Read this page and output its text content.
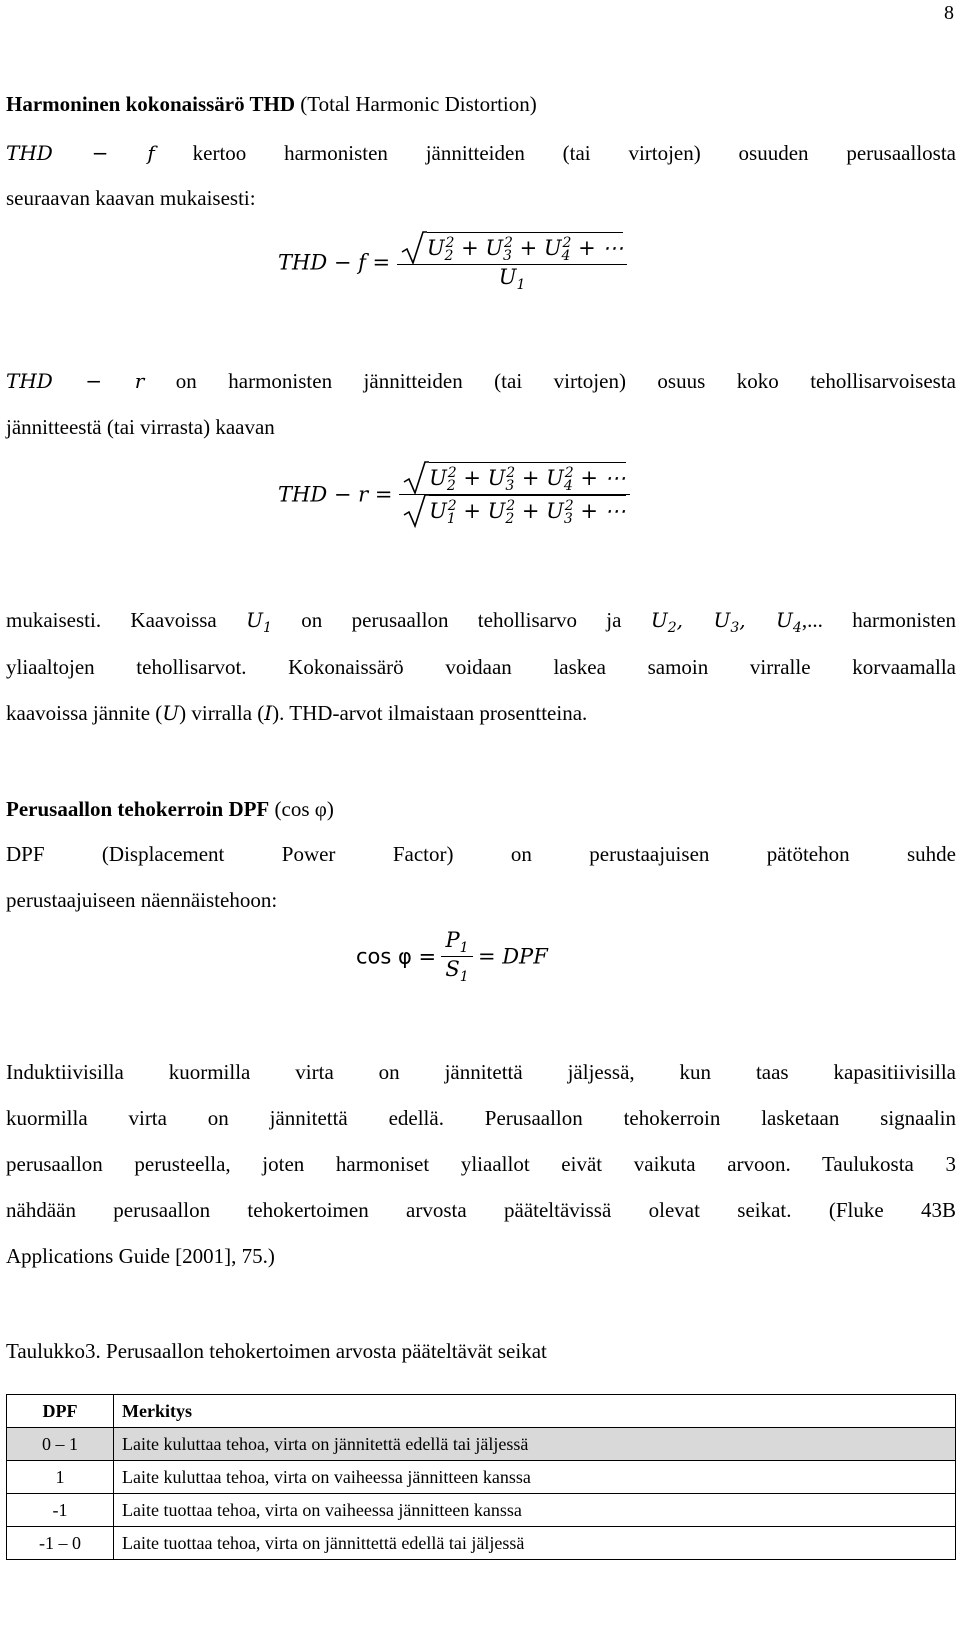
8
Harmoninen kokonaissärö THD (Total Harmonic Distortion)
THD − f kertoo harmonisten jännitteiden (tai virtojen) osuuden perusaallosta
seuraavan kaavan mukaisesti:
THD − $f = \frac{U_2^2 + U_3^2 + U_4^2 + \cdots}{U_1}$
THD − r on harmonisten jännitteiden (tai virtojen) osuus koko tehollisarvoisesta
jännitteestä (tai virrasta) kaavan
THD − $r = \frac{U_2^2 + U_3^2 + U_4^2 + \cdots}{U_1^2 + U_2^2 + U_3^2 + \cdots}$
mukaisesti. Kaavoissa $U_1$ on perusaallon tehollisarvo ja $U_2$, $U_3$, $U_4$,... harmonisten
yliaaltojen tehollisarvot. Kokonaissärö voidaan laskea samoin virralle korvaamalla
kaavoissa jännite (U) virralla (I). THD-arvot ilmaistaan prosentteina.
Perusaallon tehokerroin DPF (cos φ)
DPF (Displacement Power Factor) on perustaajuisen pätötehon suhde
perustaajuiseen näennäistehoon:
$\cos \varphi = \frac{P_1}{S_1}$ = DPF
Induktiivisilla kuormilla virta on jännitettä jäljessä, kun taas kapasitiivisilla
kuormilla virta on jännitettä edellä. Perusaallon tehokerroin lasketaan signaalin
perusaallon perusteella, joten harmoniset yliaallot eivät vaikuta arvoon. Taulukosta 3
nähdään perusaallon tehokertoimen arvosta pääteltävissä olevat seikat. (Fluke 43B
Applications Guide [2001], 75.)
Taulukko3. Perusaallon tehokertoimen arvosta pääteltävät seikat
DPF	Merkitys
0 – 1	Laite kuluttaa tehoa, virta on jännitettä edellä tai jäljessä
1	Laite kuluttaa tehoa, virta on vaiheessa jännitteen kanssa
-1	Laite tuottaa tehoa, virta on vaiheessa jännitteen kanssa
-1 – 0	Laite tuottaa tehoa, virta on jännittettä edellä tai jäljessä
